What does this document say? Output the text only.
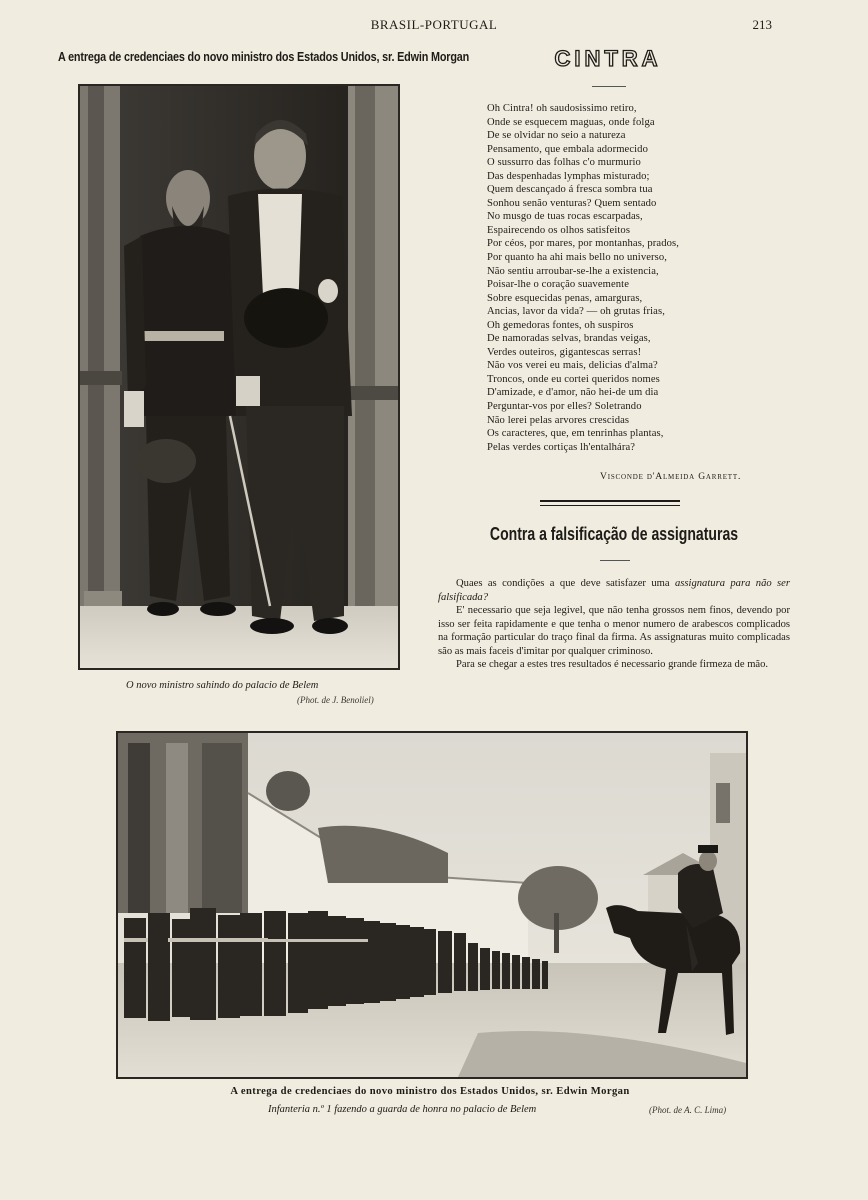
BRASIL-PORTUGAL	213
A entrega de credenciaes do novo ministro dos Estados Unidos, sr. Edwin Morgan
O novo ministro sahindo do palacio de Belem
(Phot. de J. Benoliel)
CINTRA
Oh Cintra! oh saudosissimo retiro,
Onde se esquecem maguas, onde folga
De se olvidar no seio a natureza
Pensamento, que embala adormecido
O sussurro das folhas c'o murmurio
Das despenhadas lymphas misturado;
Quem descançado á fresca sombra tua
Sonhou senão venturas? Quem sentado
No musgo de tuas rocas escarpadas,
Espairecendo os olhos satisfeitos
Por céos, por mares, por montanhas, prados,
Por quanto ha ahi mais bello no universo,
Não sentiu arroubar-se-lhe a existencia,
Poisar-lhe o coração suavemente
Sobre esquecidas penas, amarguras,
Ancias, lavor da vida? — oh grutas frias,
Oh gemedoras fontes, oh suspiros
De namoradas selvas, brandas veigas,
Verdes outeiros, gigantescas serras!
Não vos verei eu mais, delicias d'alma?
Troncos, onde eu cortei queridos nomes
D'amizade, e d'amor, não hei-de um dia
Perguntar-vos por elles? Soletrando
Não lerei pelas arvores crescidas
Os caracteres, que, em tenrinhas plantas,
Pelas verdes cortiças lh'entalhára?
Visconde d'Almeida Garrett.
Contra a falsificação de assignaturas

Quaes as condições a que deve satisfazer uma assignatura para não ser falsificada?

E' necessario que seja legivel, que não tenha grossos nem finos, devendo por isso ser feita rapidamente e que tenha o menor numero de arabescos complicados na formação particular do traço final da firma. As assignaturas muito complicadas são as mais faceis d'imitar por qualquer criminoso.

Para se chegar a estes tres resultados é necessario grande firmeza de mão.

A entrega de credenciaes do novo ministro dos Estados Unidos, sr. Edwin Morgan
Infanteria n.º 1 fazendo a guarda de honra no palacio de Belem	(Phot. de A. C. Lima)
